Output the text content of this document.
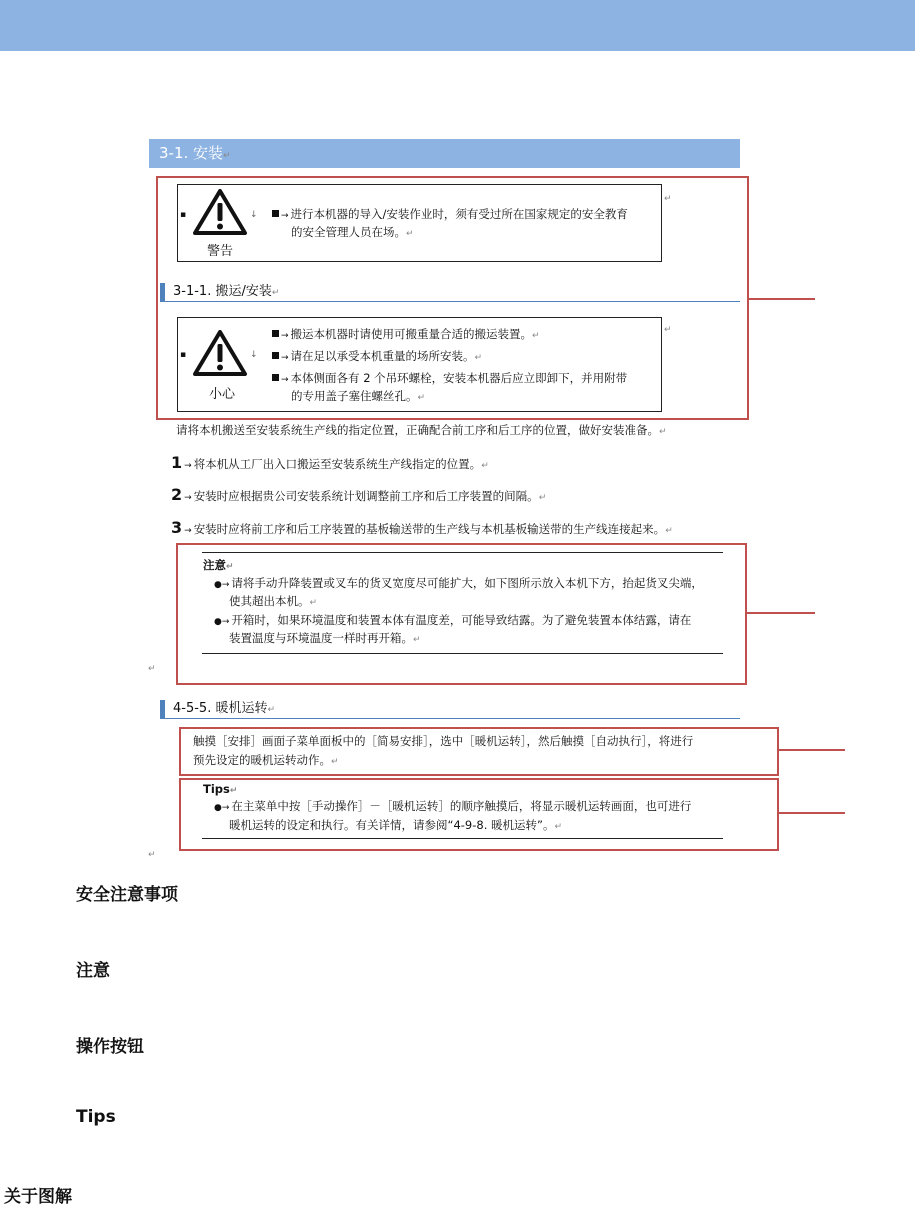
3-1. 安装↵
▪	↓
警告
→ 进行本机器的导入/安装作业时，须有受过所在国家规定的安全教育
的安全管理人员在场。↵
↵
3-1-1. 搬运/安装↵
▪	↓
小心
→ 搬运本机器时请使用可搬重量合适的搬运装置。↵
→ 请在足以承受本机重量的场所安装。↵
→ 本体侧面各有 2 个吊环螺栓，安装本机器后应立即卸下，并用附带
的专用盖子塞住螺丝孔。↵
↵
请将本机搬送至安装系统生产线的指定位置，正确配合前工序和后工序的位置，做好安装准备。↵
1 → 将本机从工厂出入口搬运至安装系统生产线指定的位置。↵
2 → 安装时应根据贵公司安装系统计划调整前工序和后工序装置的间隔。↵
3 → 安装时应将前工序和后工序装置的基板输送带的生产线与本机基板输送带的生产线连接起来。↵
注意↵
●→ 请将手动升降装置或叉车的货叉宽度尽可能扩大，如下图所示放入本机下方，抬起货叉尖端，
使其超出本机。↵
●→ 开箱时，如果环境温度和装置本体有温度差，可能导致结露。为了避免装置本体结露，请在
装置温度与环境温度一样时再开箱。↵
↵
4-5-5. 暖机运转↵
触摸［安排］画面子菜单面板中的［简易安排］，选中［暖机运转］，然后触摸［自动执行］，将进行
预先设定的暖机运转动作。↵
Tips↵
●→ 在主菜单中按［手动操作］－［暖机运转］的顺序触摸后，将显示暖机运转画面，也可进行
暖机运转的设定和执行。有关详情，请参阅“4-9-8. 暖机运转”。↵
↵
安全注意事项
注意
操作按钮
Tips
关于图解
